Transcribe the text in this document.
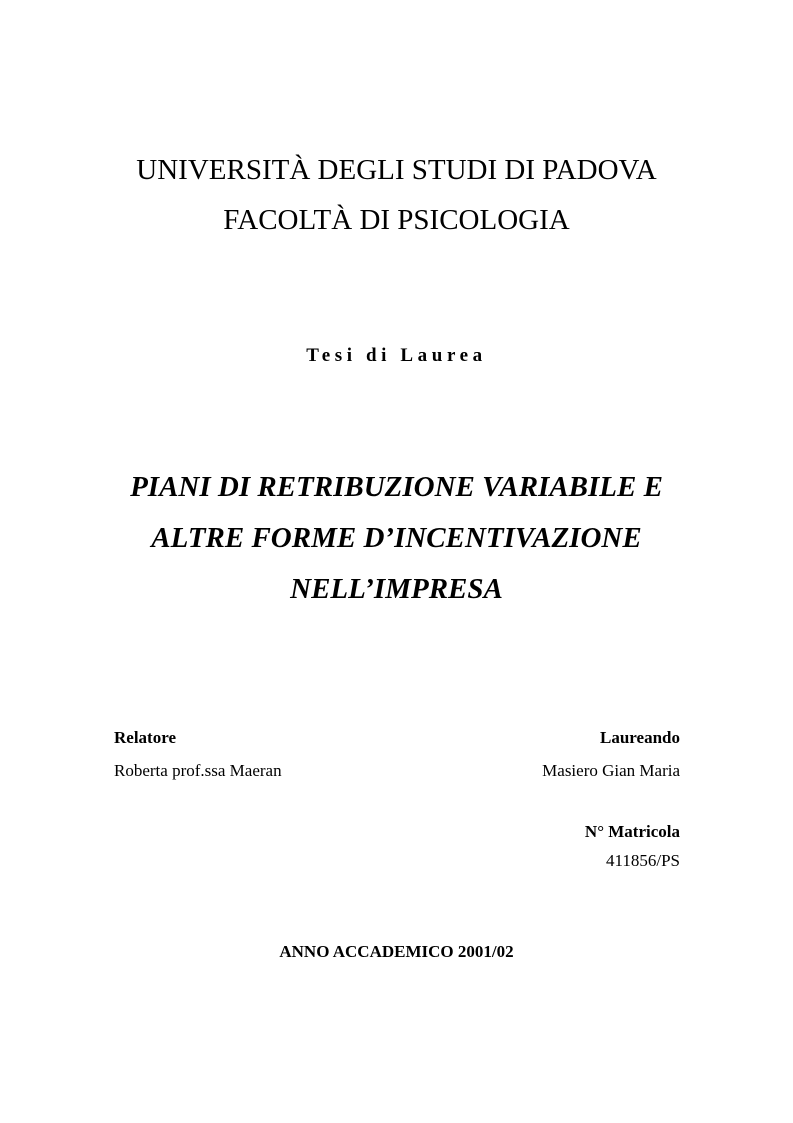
UNIVERSITÀ DEGLI STUDI DI PADOVA
FACOLTÀ DI PSICOLOGIA
Tesi di Laurea
PIANI DI RETRIBUZIONE VARIABILE E
ALTRE FORME D’INCENTIVAZIONE
NELL’IMPRESA
Relatore
Roberta prof.ssa Maeran
Laureando
Masiero Gian Maria
N° Matricola
411856/PS
ANNO ACCADEMICO 2001/02
